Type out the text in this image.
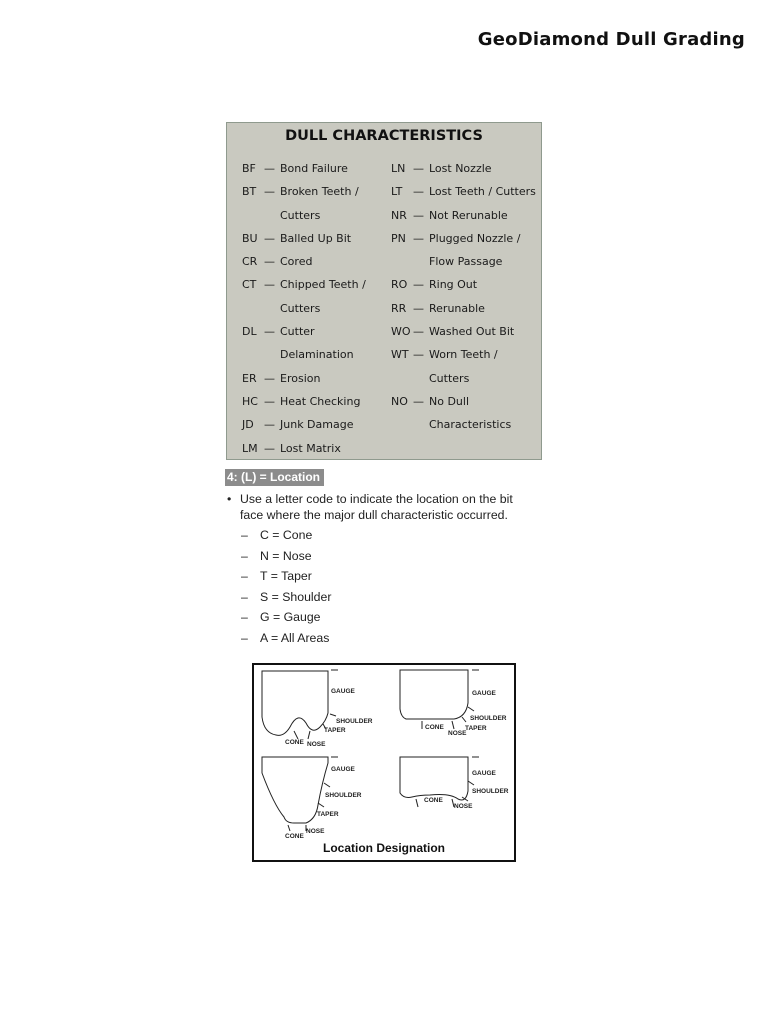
GeoDiamond Dull Grading
DULL CHARACTERISTICS
BF — Bond Failure
BT — Broken Teeth /
Cutters
BU — Balled Up Bit
CR — Cored
CT — Chipped Teeth /
Cutters
DL — Cutter
Delamination
ER — Erosion
HC — Heat Checking
JD — Junk Damage
LM — Lost Matrix
LN — Lost Nozzle
LT — Lost Teeth / Cutters
NR — Not Rerunable
PN — Plugged Nozzle /
Flow Passage
RO — Ring Out
RR — Rerunable
WO — Washed Out Bit
WT — Worn Teeth /
Cutters
NO — No Dull
Characteristics
4: (L) = Location
• Use a letter code to indicate the location on the bit face where the major dull characteristic occurred.
– C = Cone
– N = Nose
– T = Taper
– S = Shoulder
– G = Gauge
– A = All Areas
GAUGE
SHOULDER
TAPER
CONE NOSE
GAUGE
SHOULDER
TAPER
CONE
NOSE
GAUGE
SHOULDER
TAPER
CONE
NOSE
GAUGE
SHOULDER
CONE
NOSE
Location Designation
